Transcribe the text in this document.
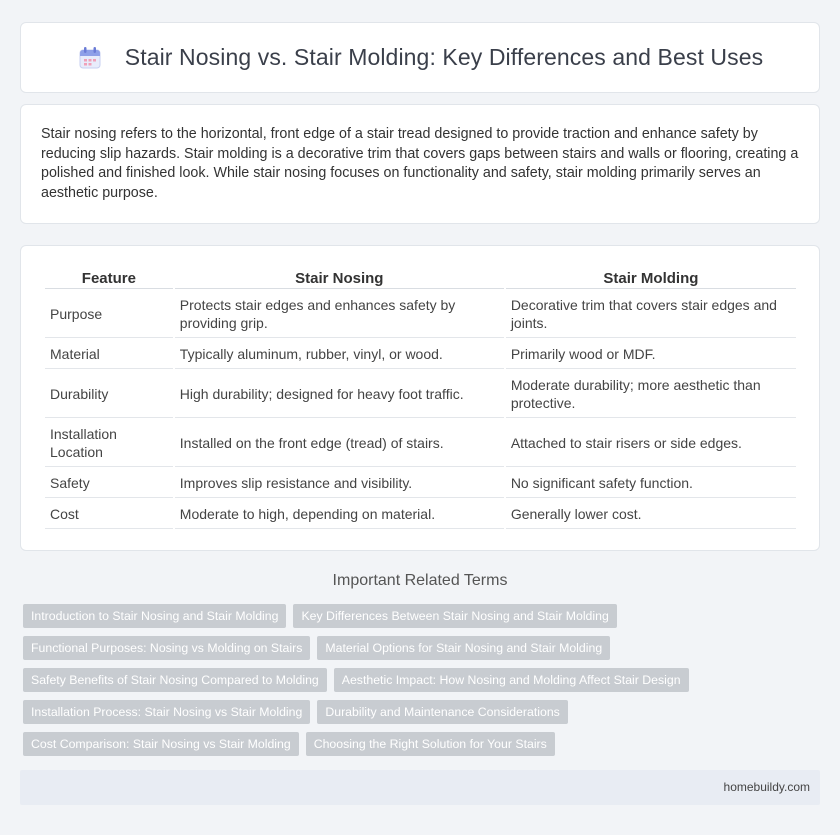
Stair Nosing vs. Stair Molding: Key Differences and Best Uses

Stair nosing refers to the horizontal, front edge of a stair tread designed to provide traction and enhance safety by reducing slip hazards. Stair molding is a decorative trim that covers gaps between stairs and walls or flooring, creating a polished and finished look. While stair nosing focuses on functionality and safety, stair molding primarily serves an aesthetic purpose.

Feature	Stair Nosing	Stair Molding
Purpose	Protects stair edges and enhances safety by providing grip.	Decorative trim that covers stair edges and joints.
Material	Typically aluminum, rubber, vinyl, or wood.	Primarily wood or MDF.
Durability	High durability; designed for heavy foot traffic.	Moderate durability; more aesthetic than protective.
Installation Location	Installed on the front edge (tread) of stairs.	Attached to stair risers or side edges.
Safety	Improves slip resistance and visibility.	No significant safety function.
Cost	Moderate to high, depending on material.	Generally lower cost.
Important Related Terms
Introduction to Stair Nosing and Stair Molding	Key Differences Between Stair Nosing and Stair Molding
Functional Purposes: Nosing vs Molding on Stairs	Material Options for Stair Nosing and Stair Molding
Safety Benefits of Stair Nosing Compared to Molding	Aesthetic Impact: How Nosing and Molding Affect Stair Design
Installation Process: Stair Nosing vs Stair Molding	Durability and Maintenance Considerations
Cost Comparison: Stair Nosing vs Stair Molding	Choosing the Right Solution for Your Stairs
homebuildy.com
